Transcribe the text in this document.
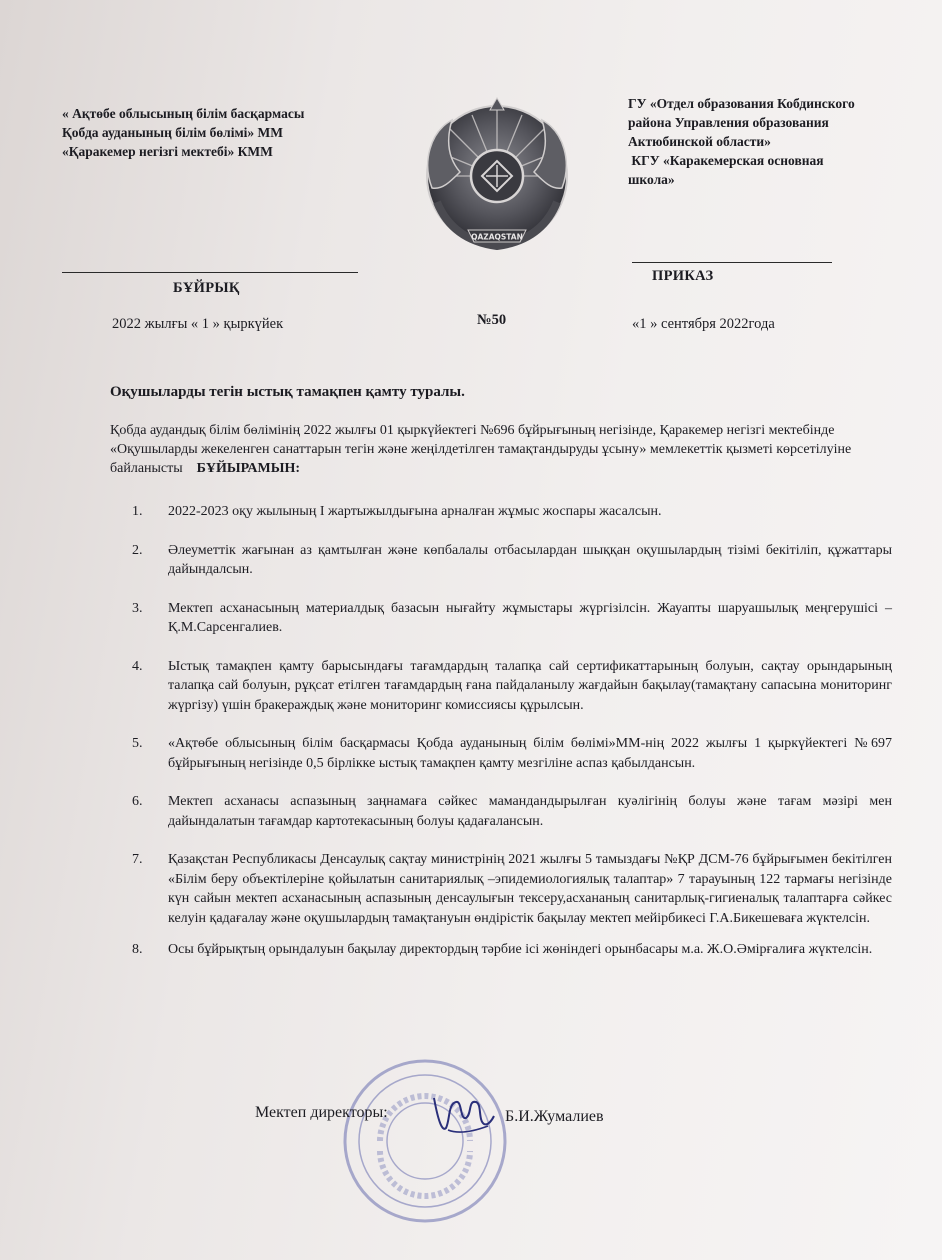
« Ақтөбе облысының білім басқармасы
Қобда ауданының білім бөлімі» ММ
«Қаракемер негізгі мектебі» КММ
QAZAQSTAN
ГУ «Отдел образования Кобдинского
района Управления образования
Актюбинской области»
КГУ «Каракемерская основная
школа»
БҰЙРЫҚ
ПРИКАЗ
2022 жылғы « 1 » қыркүйек	№50	«1 » сентября 2022года
Оқушыларды тегін ыстық тамақпен қамту туралы.
Қобда аудандық білім бөлімінің 2022 жылғы 01 қыркүйектегі №696 бұйрығының негізінде, Қаракемер негізгі мектебінде «Оқушыларды жекеленген санаттарын тегін және жеңілдетілген тамақтандыруды ұсыну» мемлекеттік қызметі көрсетілуіне байланысты БҰЙЫРАМЫН:
1. 2022-2023 оқу жылының I жартыжылдығына арналған жұмыс жоспары жасалсын.
2. Әлеуметтік жағынан аз қамтылған және көпбалалы отбасылардан шыққан оқушылардың тізімі бекітіліп, құжаттары дайындалсын.
3. Мектеп асханасының материалдық базасын нығайту жұмыстары жүргізілсін. Жауапты шаруашылық меңгерушісі – Қ.М.Сарсенгалиев.
4. Ыстық тамақпен қамту барысындағы тағамдардың талапқа сай сертификаттарының болуын, сақтау орындарының талапқа сай болуын, рұқсат етілген тағамдардың ғана пайдаланылу жағдайын бақылау(тамақтану сапасына мониторинг жүргізу) үшін бракераждық және мониторинг комиссиясы құрылсын.
5. «Ақтөбе облысының білім басқармасы Қобда ауданының білім бөлімі»ММ-нің 2022 жылғы 1 қыркүйектегі №697 бұйрығының негізінде 0,5 бірлікке ыстық тамақпен қамту мезгіліне аспаз қабылдансын.
6. Мектеп асханасы аспазының заңнамаға сәйкес мамандандырылған куәлігінің болуы және тағам мәзірі мен дайындалатын тағамдар картотекасының болуы қадағалансын.
7. Қазақстан Республикасы Денсаулық сақтау министрінің 2021 жылғы 5 тамыздағы №ҚР ДСМ-76 бұйрығымен бекітілген «Білім беру объектілеріне қойылатын санитариялық –эпидемиологиялық талаптар» 7 тарауының 122 тармағы негізінде күн сайын мектеп асханасының аспазының денсаулығын тексеру,асхананың санитарлық-гигиеналық талаптарға сәйкес келуін қадағалау және оқушылардың тамақтануын өндірістік бақылау мектеп мейірбикесі Г.А.Бикешеваға жүктелсін.
8. Осы бұйрықтың орындалуын бақылау директордың тәрбие ісі жөніндегі орынбасары м.а. Ж.О.Әмірғалиға жүктелсін.
Мектеп директоры:	Б.И.Жумалиев
